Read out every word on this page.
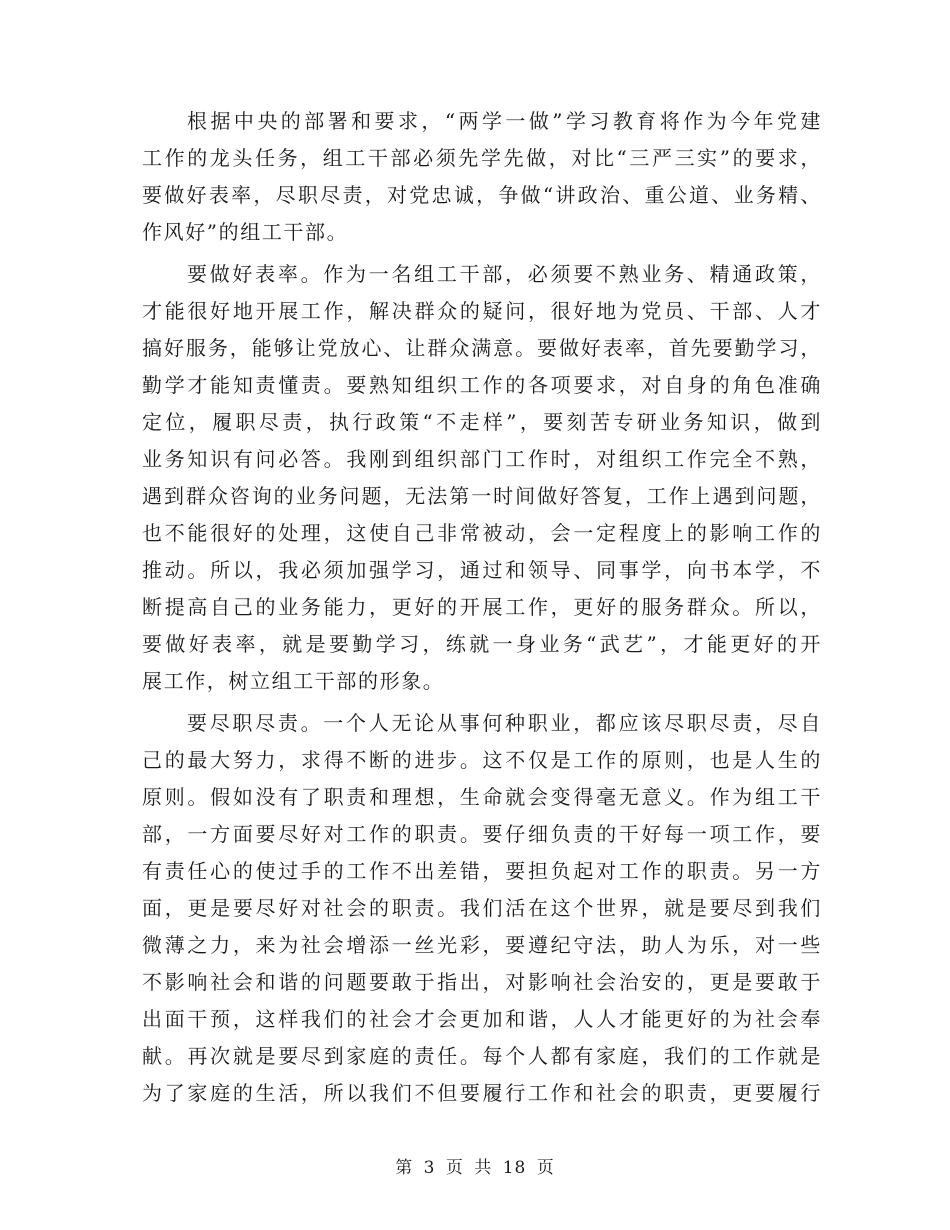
根据中央的部署和要求，“两学一做”学习教育将作为今年党建
工作的龙头任务，组工干部必须先学先做，对比“三严三实”的要求，
要做好表率，尽职尽责，对党忠诚，争做“讲政治、重公道、业务精、
作风好”的组工干部。
要做好表率。作为一名组工干部，必须要不熟业务、精通政策，
才能很好地开展工作，解决群众的疑问，很好地为党员、干部、人才
搞好服务，能够让党放心、让群众满意。要做好表率，首先要勤学习，
勤学才能知责懂责。要熟知组织工作的各项要求，对自身的角色准确
定位，履职尽责，执行政策“不走样”，要刻苦专研业务知识，做到
业务知识有问必答。我刚到组织部门工作时，对组织工作完全不熟，
遇到群众咨询的业务问题，无法第一时间做好答复，工作上遇到问题，
也不能很好的处理，这使自己非常被动，会一定程度上的影响工作的
推动。所以，我必须加强学习，通过和领导、同事学，向书本学，不
断提高自己的业务能力，更好的开展工作，更好的服务群众。所以，
要做好表率，就是要勤学习，练就一身业务“武艺”，才能更好的开
展工作，树立组工干部的形象。
要尽职尽责。一个人无论从事何种职业，都应该尽职尽责，尽自
己的最大努力，求得不断的进步。这不仅是工作的原则，也是人生的
原则。假如没有了职责和理想，生命就会变得毫无意义。作为组工干
部，一方面要尽好对工作的职责。要仔细负责的干好每一项工作，要
有责任心的使过手的工作不出差错，要担负起对工作的职责。另一方
面，更是要尽好对社会的职责。我们活在这个世界，就是要尽到我们
微薄之力，来为社会增添一丝光彩，要遵纪守法，助人为乐，对一些
不影响社会和谐的问题要敢于指出，对影响社会治安的，更是要敢于
出面干预，这样我们的社会才会更加和谐，人人才能更好的为社会奉
献。再次就是要尽到家庭的责任。每个人都有家庭，我们的工作就是
为了家庭的生活，所以我们不但要履行工作和社会的职责，更要履行
第 3 页 共 18 页
